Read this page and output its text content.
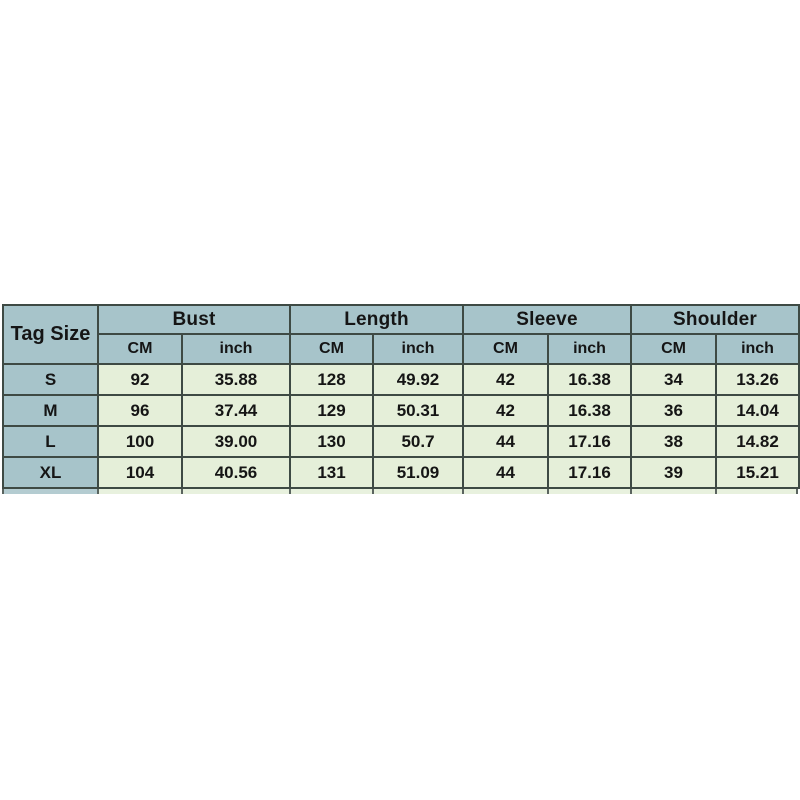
Tag Size	Bust		Length		Sleeve		Shoulder	
	CM	inch	CM	inch	CM	inch	CM	inch
S	92	35.88	128	49.92	42	16.38	34	13.26
M	96	37.44	129	50.31	42	16.38	36	14.04
L	100	39.00	130	50.7	44	17.16	38	14.82
XL	104	40.56	131	51.09	44	17.16	39	15.21
